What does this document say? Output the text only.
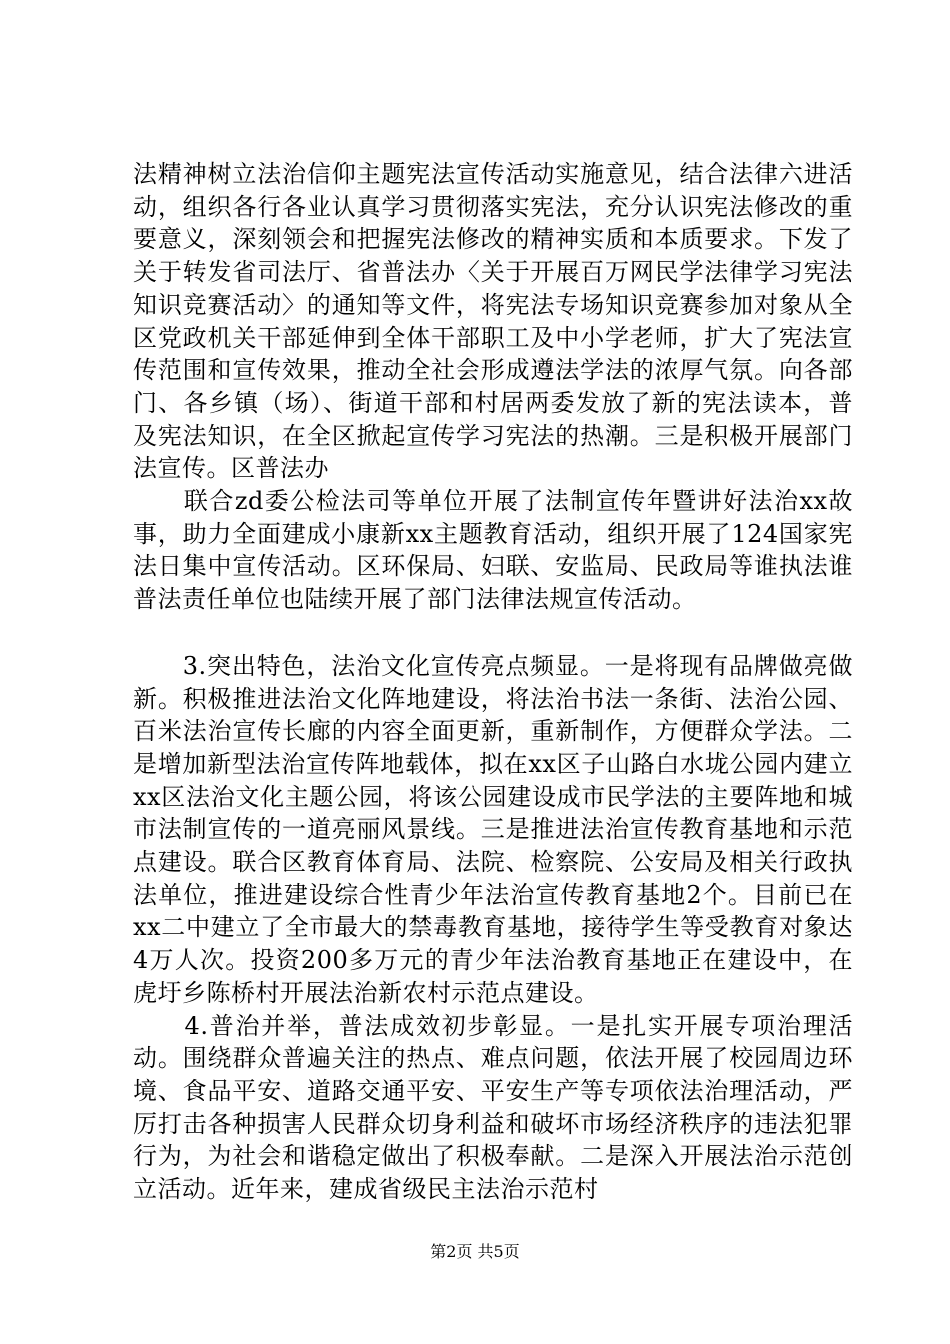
法精神树立法治信仰主题宪法宣传活动实施意见，结合法律六进活动，组织各行各业认真学习贯彻落实宪法，充分认识宪法修改的重要意义，深刻领会和把握宪法修改的精神实质和本质要求。下发了关于转发省司法厅、省普法办〈关于开展百万网民学法律学习宪法知识竞赛活动〉的通知等文件，将宪法专场知识竞赛参加对象从全区党政机关干部延伸到全体干部职工及中小学老师，扩大了宪法宣传范围和宣传效果，推动全社会形成遵法学法的浓厚气氛。向各部门、各乡镇（场）、街道干部和村居两委发放了新的宪法读本，普及宪法知识，在全区掀起宣传学习宪法的热潮。三是积极开展部门法宣传。区普法办

　　联合zd委公检法司等单位开展了法制宣传年暨讲好法治xx故事，助力全面建成小康新xx主题教育活动，组织开展了124国家宪法日集中宣传活动。区环保局、妇联、安监局、民政局等谁执法谁普法责任单位也陆续开展了部门法律法规宣传活动。

　　3.突出特色，法治文化宣传亮点频显。一是将现有品牌做亮做新。积极推进法治文化阵地建设，将法治书法一条街、法治公园、百米法治宣传长廊的内容全面更新，重新制作，方便群众学法。二是增加新型法治宣传阵地载体，拟在xx区子山路白水垅公园内建立xx区法治文化主题公园，将该公园建设成市民学法的主要阵地和城市法制宣传的一道亮丽风景线。三是推进法治宣传教育基地和示范点建设。联合区教育体育局、法院、检察院、公安局及相关行政执法单位，推进建设综合性青少年法治宣传教育基地2个。目前已在xx二中建立了全市最大的禁毒教育基地，接待学生等受教育对象达4万人次。投资200多万元的青少年法治教育基地正在建设中，在虎圩乡陈桥村开展法治新农村示范点建设。

　　4.普治并举，普法成效初步彰显。一是扎实开展专项治理活动。围绕群众普遍关注的热点、难点问题，依法开展了校园周边环境、食品平安、道路交通平安、平安生产等专项依法治理活动，严厉打击各种损害人民群众切身利益和破坏市场经济秩序的违法犯罪行为，为社会和谐稳定做出了积极奉献。二是深入开展法治示范创立活动。近年来，建成省级民主法治示范村

第2页 共5页
